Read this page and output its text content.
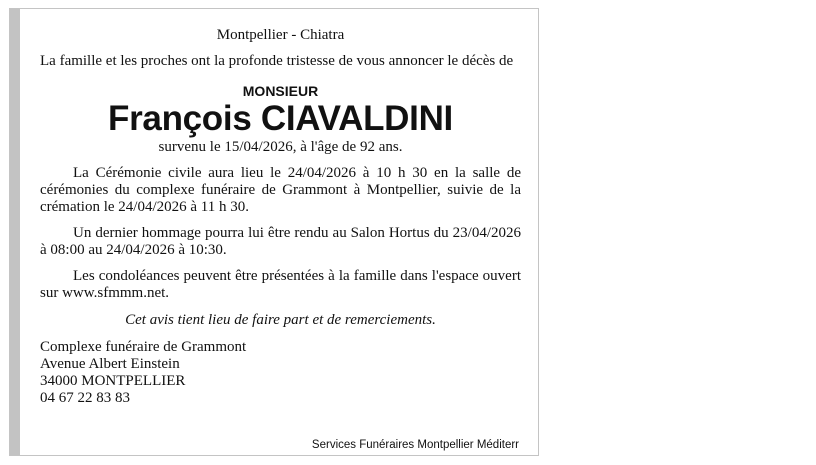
Montpellier - Chiatra
La famille et les proches ont la profonde tristesse de vous annoncer le décès de
MONSIEUR
François CIAVALDINI
survenu le 15/04/2026, à l'âge de 92 ans.
La Cérémonie civile aura lieu le 24/04/2026 à 10 h 30 en la salle de cérémonies du complexe funéraire de Grammont à Montpellier, suivie de la crémation le 24/04/2026 à 11 h 30.
Un dernier hommage pourra lui être rendu au Salon Hortus du 23/04/2026 à 08:00 au 24/04/2026 à 10:30.
Les condoléances peuvent être présentées à la famille dans l'espace ouvert sur www.sfmmm.net.
Cet avis tient lieu de faire part et de remerciements.
Complexe funéraire de Grammont
Avenue Albert Einstein
34000 MONTPELLIER
04 67 22 83 83
Services Funéraires Montpellier Méditerr
